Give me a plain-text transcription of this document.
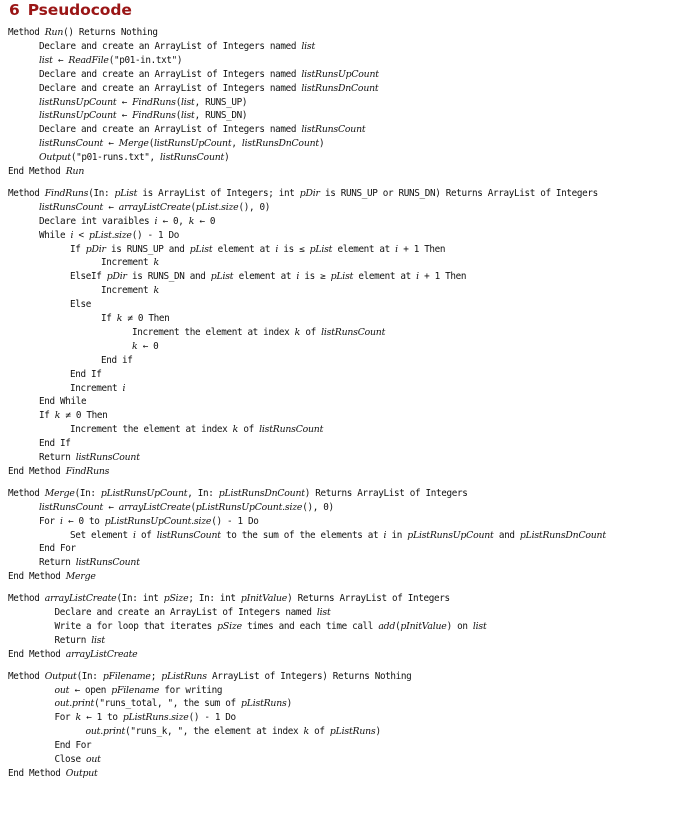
6 Pseudocode
Method Run() Returns Nothing
Declare and create an ArrayList of Integers named list
list ← ReadFile("p01-in.txt")
Declare and create an ArrayList of Integers named listRunsUpCount
Declare and create an ArrayList of Integers named listRunsDnCount
listRunsUpCount ← FindRuns(list, RUNS_UP)
listRunsUpCount ← FindRuns(list, RUNS_DN)
Declare and create an ArrayList of Integers named listRunsCount
listRunsCount ← Merge(listRunsUpCount, listRunsDnCount)
Output("p01-runs.txt", listRunsCount)
End Method Run
Method FindRuns(In: pList is ArrayList of Integers; int pDir is RUNS_UP or RUNS_DN) Returns ArrayList of Integers
listRunsCount ← arrayListCreate(pList.size(), 0)
Declare int varaibles i ← 0, k ← 0
While i < pList.size() - 1 Do
If pDir is RUNS_UP and pList element at i is ≤ pList element at i + 1 Then
Increment k
ElseIf pDir is RUNS_DN and pList element at i is ≥ pList element at i + 1 Then
Increment k
Else
If k ≠ 0 Then
Increment the element at index k of listRunsCount
k ← 0
End if
End If
Increment i
End While
If k ≠ 0 Then
Increment the element at index k of listRunsCount
End If
Return listRunsCount
End Method FindRuns
Method Merge(In: pListRunsUpCount, In: pListRunsDnCount) Returns ArrayList of Integers
listRunsCount ← arrayListCreate(pListRunsUpCount.size(), 0)
For i ← 0 to pListRunsUpCount.size() - 1 Do
Set element i of listRunsCount to the sum of the elements at i in pListRunsUpCount and pListRunsDnCount
End For
Return listRunsCount
End Method Merge
Method arrayListCreate(In: int pSize; In: int pInitValue) Returns ArrayList of Integers
Declare and create an ArrayList of Integers named list
Write a for loop that iterates pSize times and each time call add(pInitValue) on list
Return list
End Method arrayListCreate
Method Output(In: pFilename; pListRuns ArrayList of Integers) Returns Nothing
out ← open pFilename for writing
out.print("runs_total, ", the sum of pListRuns)
For k ← 1 to pListRuns.size() - 1 Do
out.print("runs_k, ", the element at index k of pListRuns)
End For
Close out
End Method Output
